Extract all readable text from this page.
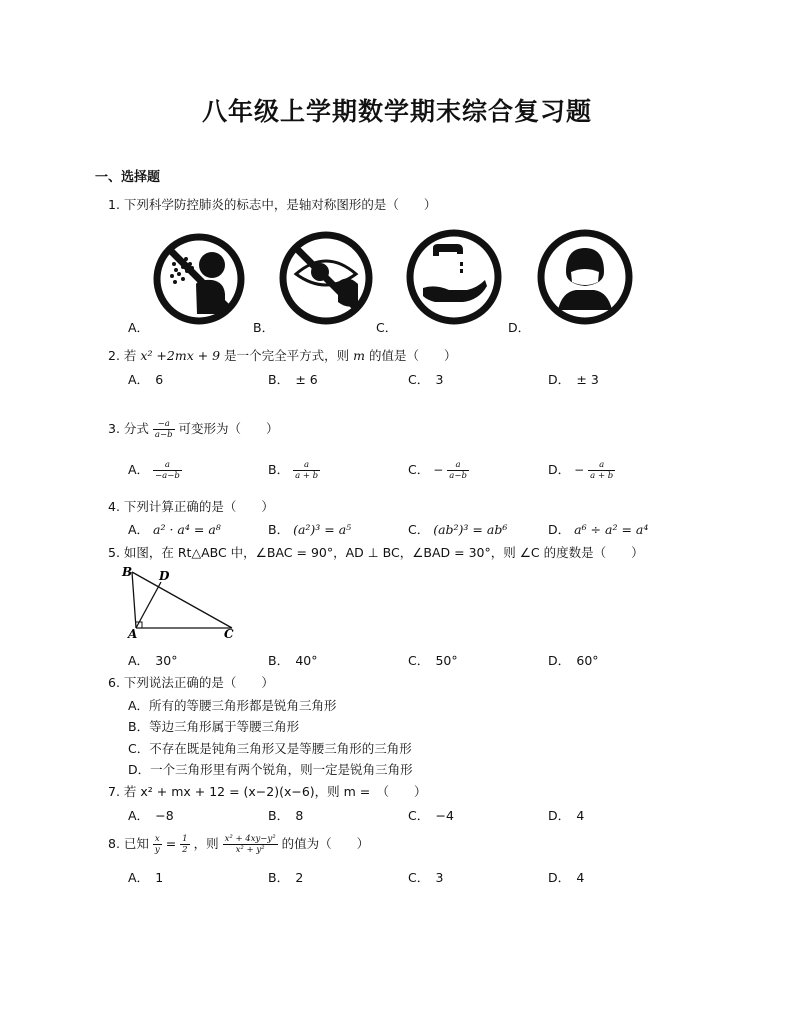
八年级上学期数学期末综合复习题
一、选择题
1. 下列科学防控肺炎的标志中，是轴对称图形的是（　　）
A．	B．	C．	D．
2. 若 x² +2mx + 9 是一个完全平方式，则 m 的值是（　　）
A．　6	B．　± 6	C．　3	D．　± 3
3. 分式 $\frac{-a}{a-b}$ 可变形为（　　）
A． $\frac{a}{-a-b}$	B． $\frac{a}{a + b}$	C． − $\frac{a}{a-b}$	D． − $\frac{a}{a + b}$
4. 下列计算正确的是（　　）
A． a² · a⁴ = a⁸	B． (a²)³ = a⁵	C． (ab²)³ = ab⁶	D． a⁶ ÷ a² = a⁴
5. 如图，在 Rt△ABC 中，∠BAC = 90°，AD ⊥ BC，∠BAD = 30°，则 ∠C 的度数是（　　）
B D
A	C
A．　30°	B．　40°	C．　50°	D．　60°
6. 下列说法正确的是（　　）
A．所有的等腰三角形都是锐角三角形
B．等边三角形属于等腰三角形
C．不存在既是钝角三角形又是等腰三角形的三角形
D．一个三角形里有两个锐角，则一定是锐角三角形
7. 若 x² + mx + 12 = (x−2)(x−6)，则 m =　（　　）
A．　−8	B．　8	C．　−4	D．　4
8. 已知 $\frac{x}{y} = \frac{1}{2}$ ，则 $\frac{\text{x² + 4xy−y²}}{\text{x² + y²}}$ 的值为（　　）
A．　1	B．　2	C．　3	D．　4
